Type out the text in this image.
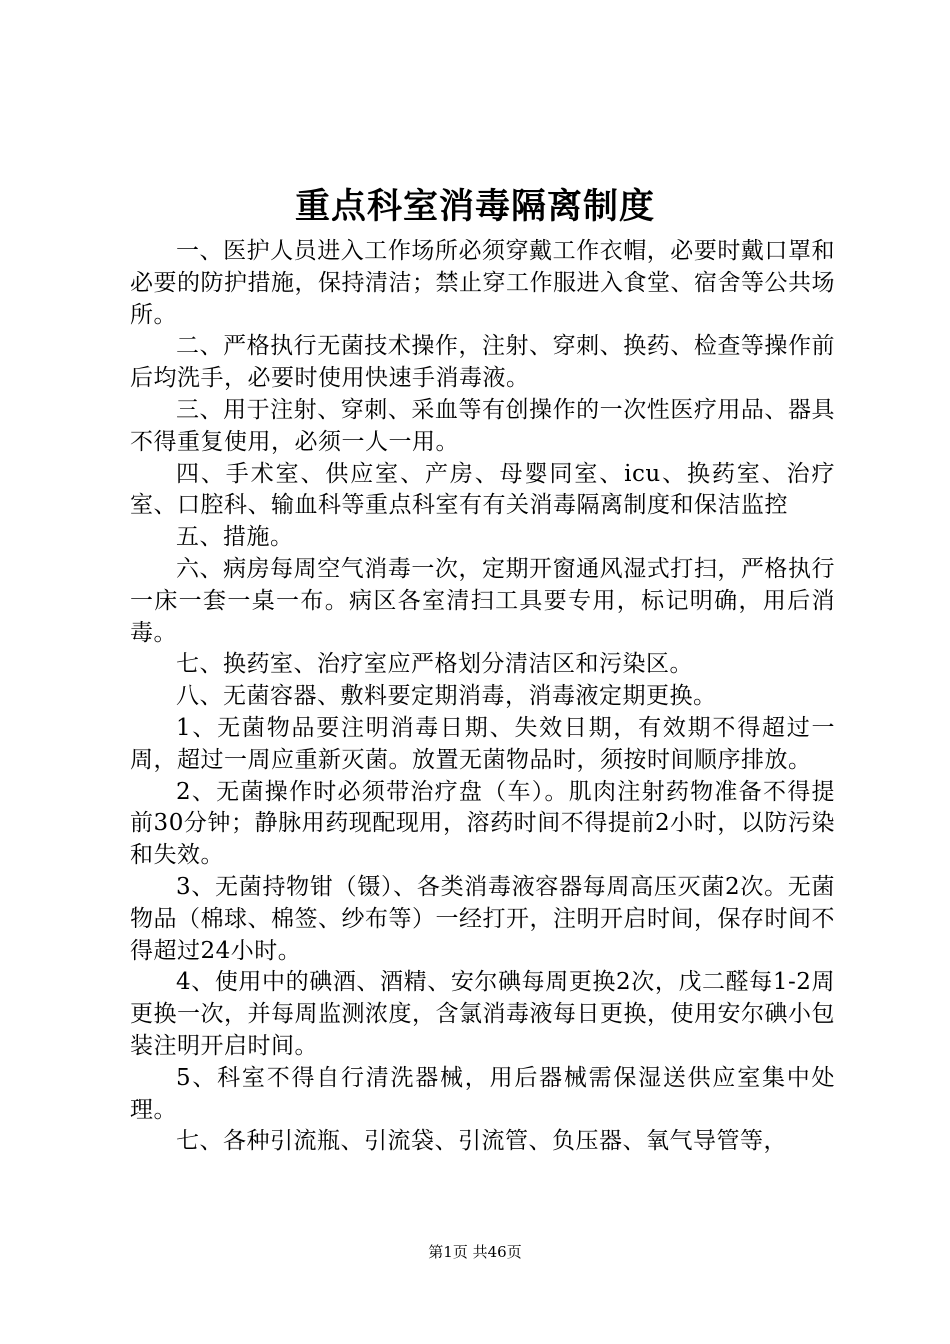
重点科室消毒隔离制度

一、医护人员进入工作场所必须穿戴工作衣帽，必要时戴口罩和必要的防护措施，保持清洁；禁止穿工作服进入食堂、宿舍等公共场所。

二、严格执行无菌技术操作，注射、穿刺、换药、检查等操作前后均洗手，必要时使用快速手消毒液。

三、用于注射、穿刺、采血等有创操作的一次性医疗用品、器具不得重复使用，必须一人一用。

四、手术室、供应室、产房、母婴同室、icu、换药室、治疗室、口腔科、输血科等重点科室有有关消毒隔离制度和保洁监控

五、措施。

六、病房每周空气消毒一次，定期开窗通风湿式打扫，严格执行一床一套一桌一布。病区各室清扫工具要专用，标记明确，用后消毒。

七、换药室、治疗室应严格划分清洁区和污染区。

八、无菌容器、敷料要定期消毒，消毒液定期更换。

1、无菌物品要注明消毒日期、失效日期，有效期不得超过一周，超过一周应重新灭菌。放置无菌物品时，须按时间顺序排放。

2、无菌操作时必须带治疗盘（车）。肌肉注射药物准备不得提前30分钟；静脉用药现配现用，溶药时间不得提前2小时，以防污染和失效。

3、无菌持物钳（镊）、各类消毒液容器每周高压灭菌2次。无菌物品（棉球、棉签、纱布等）一经打开，注明开启时间，保存时间不得超过24小时。

4、使用中的碘酒、酒精、安尔碘每周更换2次，戊二醛每1-2周更换一次，并每周监测浓度，含氯消毒液每日更换，使用安尔碘小包装注明开启时间。

5、科室不得自行清洗器械，用后器械需保湿送供应室集中处理。

七、各种引流瓶、引流袋、引流管、负压器、氧气导管等，

第1页 共46页
